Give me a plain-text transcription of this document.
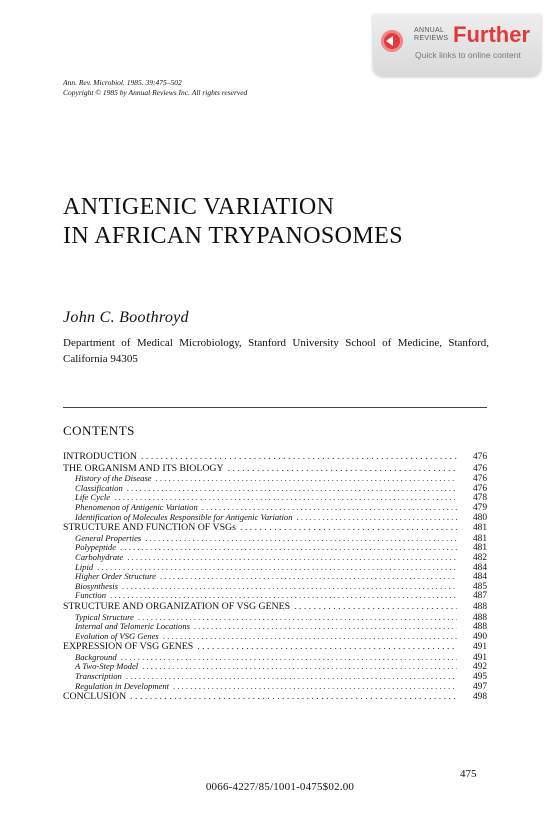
ANNUAL
REVIEWS Further
Quick links to online content
Ann. Rev. Microbiol. 1985. 39:475–502
Copyright © 1985 by Annual Reviews Inc. All rights reserved
ANTIGENIC VARIATION
IN AFRICAN TRYPANOSOMES
John C. Boothroyd
Department of Medical Microbiology, Stanford University School of Medicine, Stanford, California 94305
CONTENTS
INTRODUCTION . . .	476
THE ORGANISM AND ITS BIOLOGY . . .	476
History of the Disease . . .	476
Classification . . .	476
Life Cycle . . .	478
Phenomenon of Antigenic Variation . . .	479
Identification of Molecules Responsible for Antigenic Variation . . .	480
STRUCTURE AND FUNCTION OF VSGs . . .	481
General Properties . . .	481
Polypeptide . . .	481
Carbohydrate . . .	482
Lipid . . .	484
Higher Order Structure . . .	484
Biosynthesis . . .	485
Function . . .	487
STRUCTURE AND ORGANIZATION OF VSG GENES . . .	488
Typical Structure . . .	488
Internal and Telomeric Locations . . .	488
Evolution of VSG Genes . . .	490
EXPRESSION OF VSG GENES . . .	491
Background . . .	491
A Two-Step Model . . .	492
Transcription . . .	495
Regulation in Development . . .	497
CONCLUSION . . .	498
475
0066-4227/85/1001-0475$02.00
